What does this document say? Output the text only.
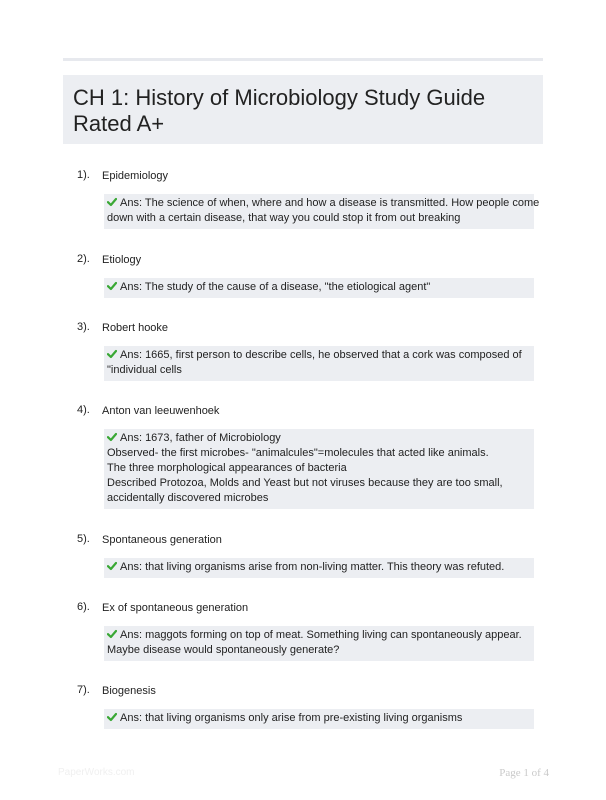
CH 1: History of Microbiology Study Guide Rated A+
1). Epidemiology
Ans: The science of when, where and how a disease is transmitted. How people come
down with a certain disease, that way you could stop it from out breaking
2). Etiology
Ans: The study of the cause of a disease, "the etiological agent"
3). Robert hooke
Ans: 1665, first person to describe cells, he observed that a cork was composed of
"individual cells
4). Anton van leeuwenhoek
Ans: 1673, father of Microbiology
Observed- the first microbes- "animalcules"=molecules that acted like animals.
The three morphological appearances of bacteria
Described Protozoa, Molds and Yeast but not viruses because they are too small,
accidentally discovered microbes
5). Spontaneous generation
Ans: that living organisms arise from non-living matter. This theory was refuted.
6). Ex of spontaneous generation
Ans: maggots forming on top of meat. Something living can spontaneously appear.
Maybe disease would spontaneously generate?
7). Biogenesis
Ans: that living organisms only arise from pre-existing living organisms
PaperWorks.com	Page 1 of 4
